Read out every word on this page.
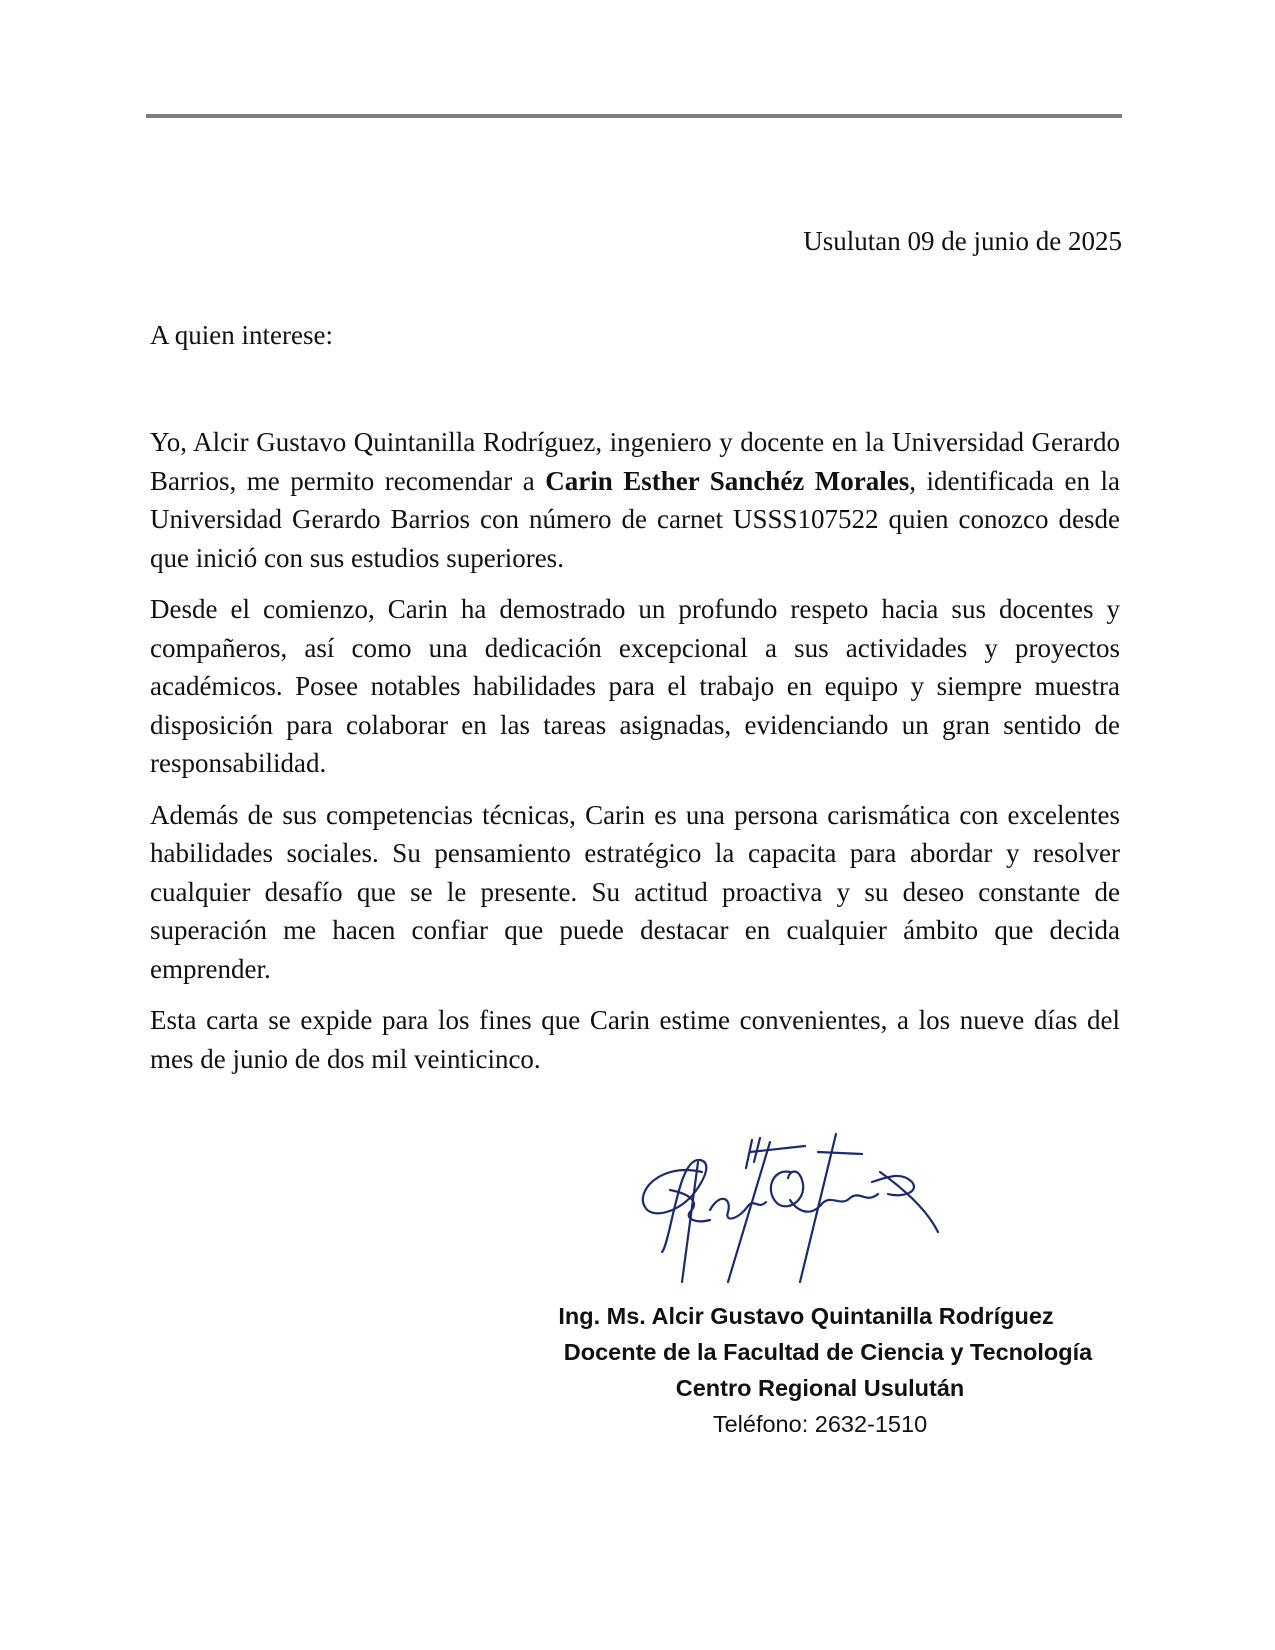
Usulutan 09 de junio de 2025
A quien interese:

Yo, Alcir Gustavo Quintanilla Rodríguez, ingeniero y docente en la Universidad Gerardo Barrios, me permito recomendar a Carin Esther Sanchéz Morales, identificada en la Universidad Gerardo Barrios con número de carnet USSS107522 quien conozco desde que inició con sus estudios superiores.

Desde el comienzo, Carin ha demostrado un profundo respeto hacia sus docentes y compañeros, así como una dedicación excepcional a sus actividades y proyectos académicos. Posee notables habilidades para el trabajo en equipo y siempre muestra disposición para colaborar en las tareas asignadas, evidenciando un gran sentido de responsabilidad.

Además de sus competencias técnicas, Carin es una persona carismática con excelentes habilidades sociales. Su pensamiento estratégico la capacita para abordar y resolver cualquier desafío que se le presente. Su actitud proactiva y su deseo constante de superación me hacen confiar que puede destacar en cualquier ámbito que decida emprender.

Esta carta se expide para los fines que Carin estime convenientes, a los nueve días del mes de junio de dos mil veinticinco.

Ing. Ms. Alcir Gustavo Quintanilla Rodríguez
Docente de la Facultad de Ciencia y Tecnología
Centro Regional Usulután
Teléfono: 2632-1510
